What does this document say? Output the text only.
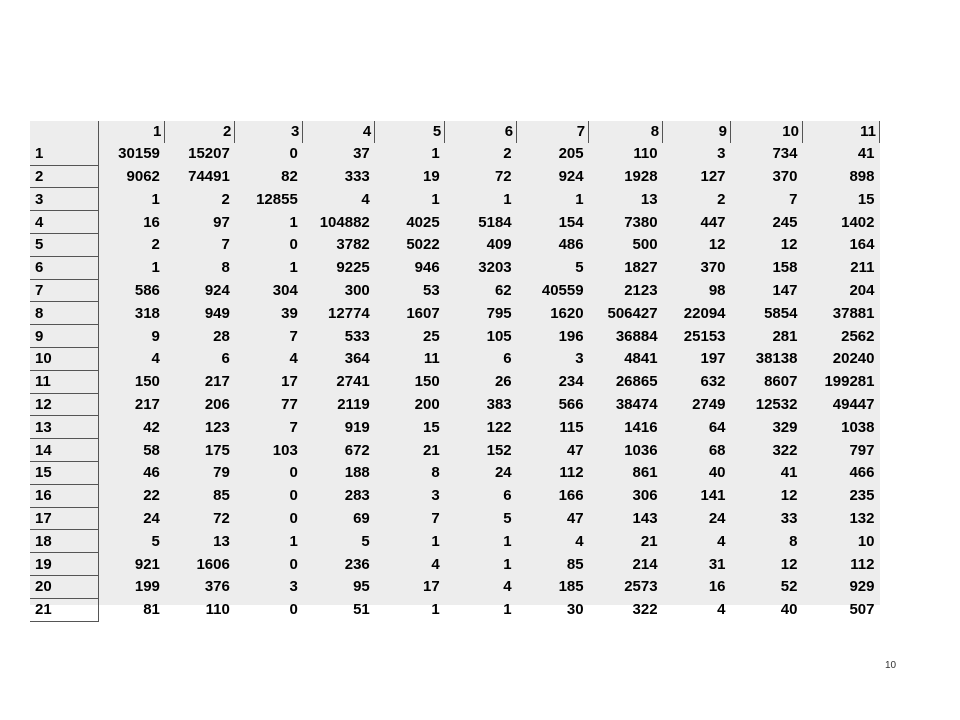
	1	2	3	4	5	6	7	8	9	10	11
1	30159	15207	0	37	1	2	205	110	3	734	41
2	9062	74491	82	333	19	72	924	1928	127	370	898
3	1	2	12855	4	1	1	1	13	2	7	15
4	16	97	1	104882	4025	5184	154	7380	447	245	1402
5	2	7	0	3782	5022	409	486	500	12	12	164
6	1	8	1	9225	946	3203	5	1827	370	158	211
7	586	924	304	300	53	62	40559	2123	98	147	204
8	318	949	39	12774	1607	795	1620	506427	22094	5854	37881
9	9	28	7	533	25	105	196	36884	25153	281	2562
10	4	6	4	364	11	6	3	4841	197	38138	20240
11	150	217	17	2741	150	26	234	26865	632	8607	199281
12	217	206	77	2119	200	383	566	38474	2749	12532	49447
13	42	123	7	919	15	122	115	1416	64	329	1038
14	58	175	103	672	21	152	47	1036	68	322	797
15	46	79	0	188	8	24	112	861	40	41	466
16	22	85	0	283	3	6	166	306	141	12	235
17	24	72	0	69	7	5	47	143	24	33	132
18	5	13	1	5	1	1	4	21	4	8	10
19	921	1606	0	236	4	1	85	214	31	12	112
20	199	376	3	95	17	4	185	2573	16	52	929
21	81	110	0	51	1	1	30	322	4	40	507
10
